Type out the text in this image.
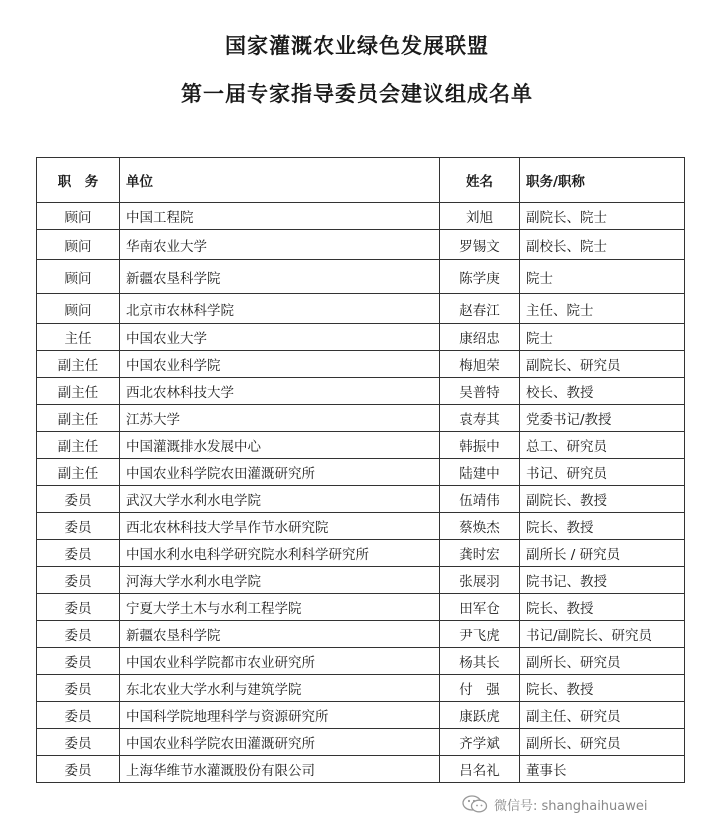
国家灌溉农业绿色发展联盟
第一届专家指导委员会建议组成名单
职　务	单位	姓名	职务/职称
顾问	中国工程院	刘旭	副院长、院士
顾问	华南农业大学	罗锡文	副校长、院士
顾问	新疆农垦科学院	陈学庚	院士
顾问	北京市农林科学院	赵春江	主任、院士
主任	中国农业大学	康绍忠	院士
副主任	中国农业科学院	梅旭荣	副院长、研究员
副主任	西北农林科技大学	吴普特	校长、教授
副主任	江苏大学	袁寿其	党委书记/教授
副主任	中国灌溉排水发展中心	韩振中	总工、研究员
副主任	中国农业科学院农田灌溉研究所	陆建中	书记、研究员
委员	武汉大学水利水电学院	伍靖伟	副院长、教授
委员	西北农林科技大学旱作节水研究院	蔡焕杰	院长、教授
委员	中国水利水电科学研究院水利科学研究所	龚时宏	副所长 / 研究员
委员	河海大学水利水电学院	张展羽	院书记、教授
委员	宁夏大学土木与水利工程学院	田军仓	院长、教授
委员	新疆农垦科学院	尹飞虎	书记/副院长、研究员
委员	中国农业科学院都市农业研究所	杨其长	副所长、研究员
委员	东北农业大学水利与建筑学院	付　强	院长、教授
委员	中国科学院地理科学与资源研究所	康跃虎	副主任、研究员
委员	中国农业科学院农田灌溉研究所	齐学斌	副所长、研究员
委员	上海华维节水灌溉股份有限公司	吕名礼	董事长
微信号: shanghaihuawei
